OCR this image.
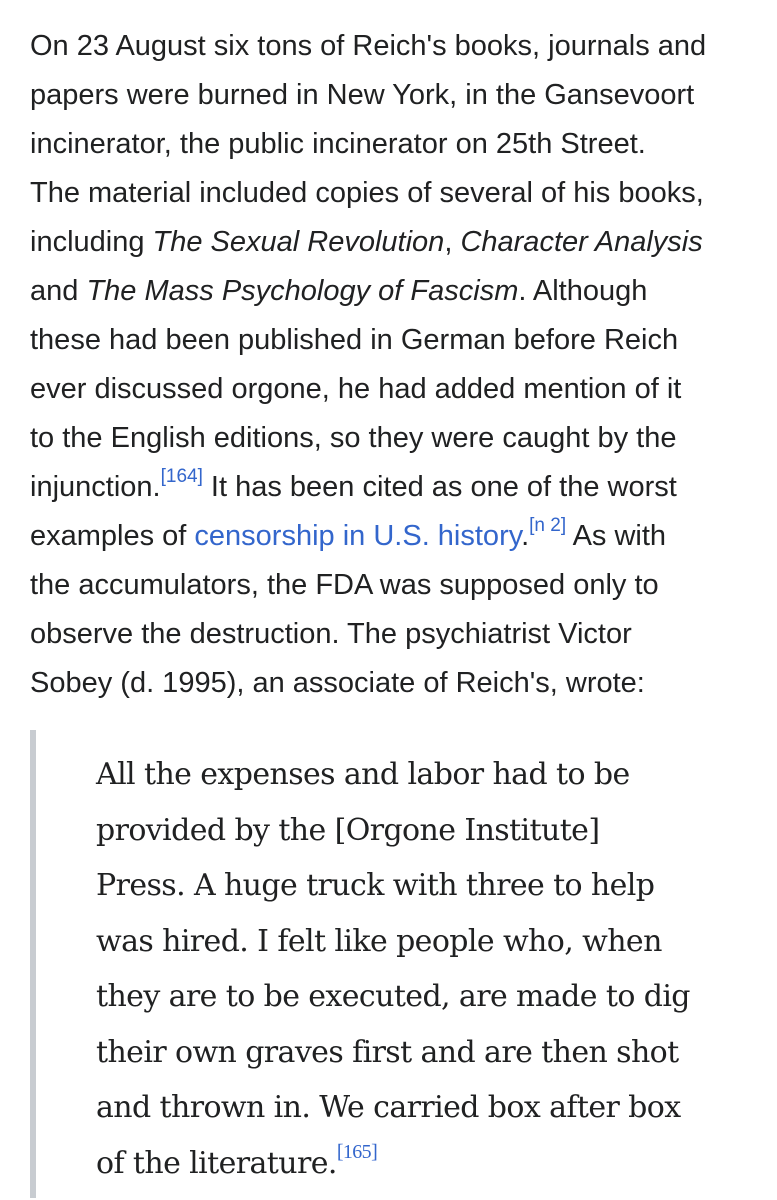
On 23 August six tons of Reich's books, journals and
papers were burned in New York, in the Gansevoort
incinerator, the public incinerator on 25th Street.
The material included copies of several of his books,
including The Sexual Revolution, Character Analysis
and The Mass Psychology of Fascism. Although
these had been published in German before Reich
ever discussed orgone, he had added mention of it
to the English editions, so they were caught by the
injunction.[164] It has been cited as one of the worst
examples of censorship in U.S. history.[n 2] As with
the accumulators, the FDA was supposed only to
observe the destruction. The psychiatrist Victor
Sobey (d. 1995), an associate of Reich's, wrote:

All the expenses and labor had to be
provided by the [Orgone Institute]
Press. A huge truck with three to help
was hired. I felt like people who, when
they are to be executed, are made to dig
their own graves first and are then shot
and thrown in. We carried box after box
of the literature.[165]
